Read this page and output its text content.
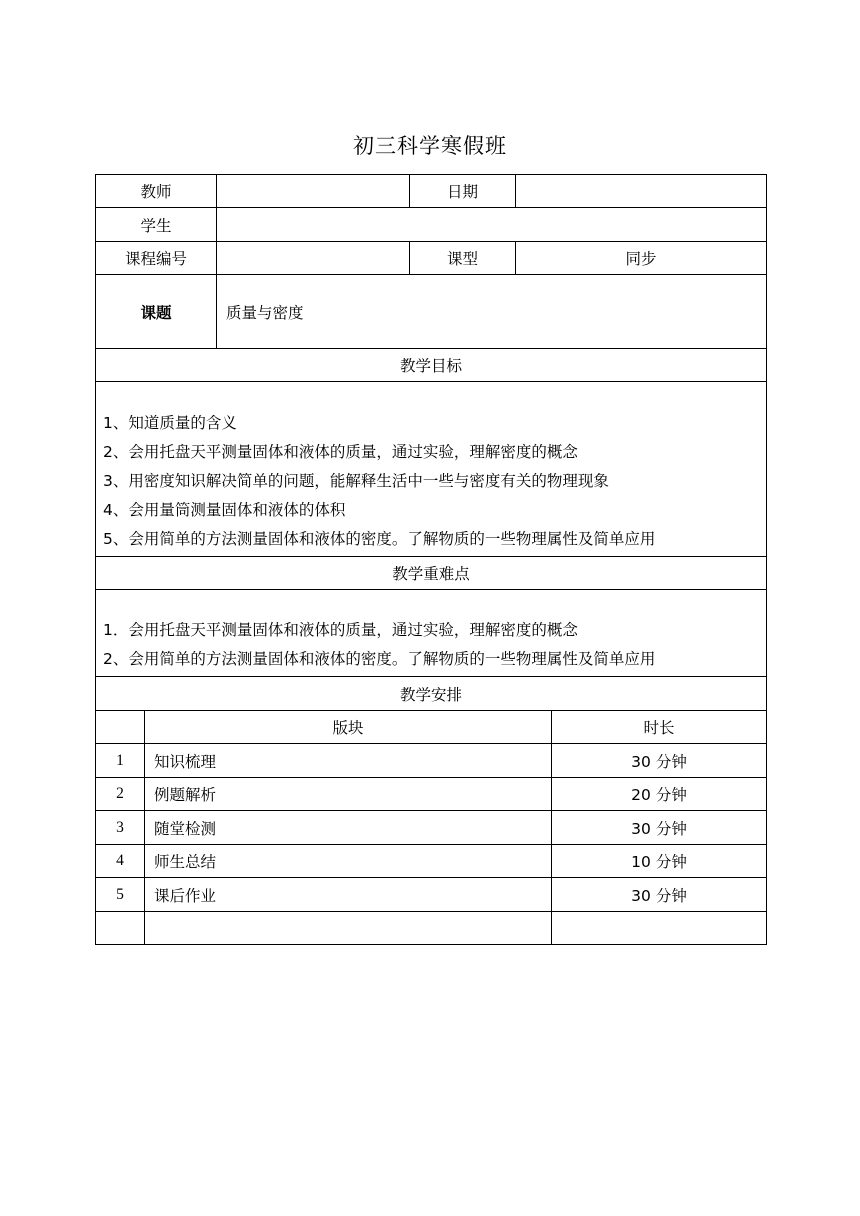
初三科学寒假班
教师		日期	
学生			
课程编号		课型	同步
课题	质量与密度		
教学目标			

1、知道质量的含义
2、会用托盘天平测量固体和液体的质量，通过实验，理解密度的概念
3、用密度知识解决简单的问题，能解释生活中一些与密度有关的物理现象
4、会用量筒测量固体和液体的体积
5、会用简单的方法测量固体和液体的密度。了解物质的一些物理属性及简单应用			

教学重难点			

1．会用托盘天平测量固体和液体的质量，通过实验，理解密度的概念
2、会用简单的方法测量固体和液体的密度。了解物质的一些物理属性及简单应用			

教学安排			
	版块	时长
1	知识梳理	30 分钟
2	例题解析	20 分钟
3	随堂检测	30 分钟
4	师生总结	10 分钟
5	课后作业	30 分钟
